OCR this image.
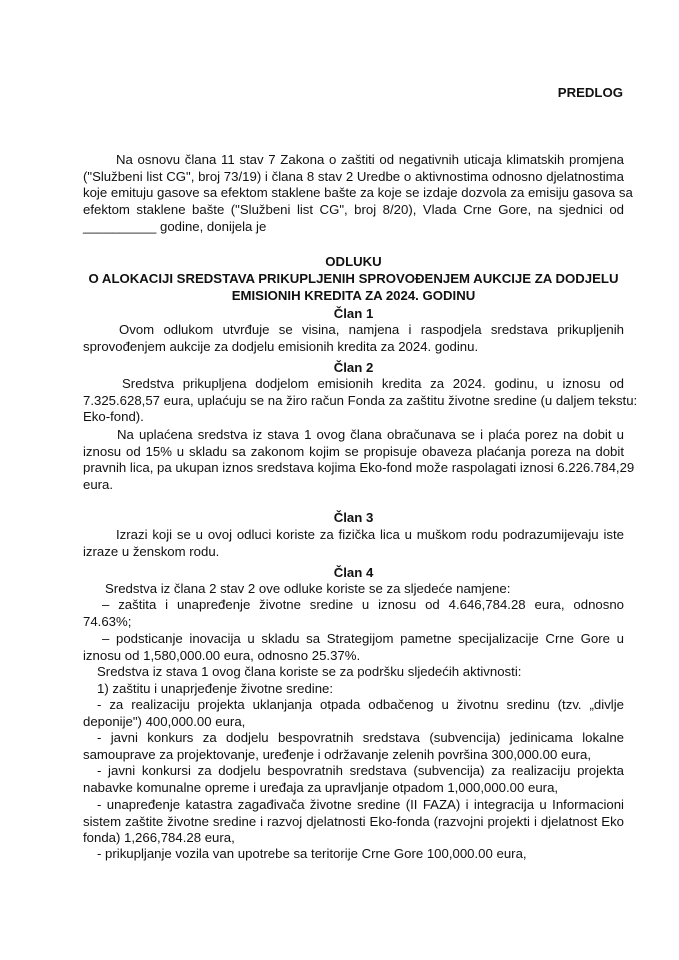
PREDLOG
Na osnovu člana 11 stav 7 Zakona o zaštiti od negativnih uticaja klimatskih promjena
("Službeni list CG", broj 73/19) i člana 8 stav 2 Uredbe o aktivnostima odnosno djelatnostima
koje emituju gasove sa efektom staklene bašte za koje se izdaje dozvola za emisiju gasova sa
efektom staklene bašte ("Službeni list CG", broj 8/20), Vlada Crne Gore, na sjednici od
__________ godine, donijela je
ODLUKU
O ALOKACIJI SREDSTAVA PRIKUPLJENIH SPROVOĐENJEM AUKCIJE ZA DODJELU
EMISIONIH KREDITA ZA 2024. GODINU
Član 1
Ovom odlukom utvrđuje se visina, namjena i raspodjela sredstava prikupljenih
sprovođenjem aukcije za dodjelu emisionih kredita za 2024. godinu.
Član 2
Sredstva prikupljena dodjelom emisionih kredita za 2024. godinu, u iznosu od
7.325.628,57 eura, uplaćuju se na žiro račun Fonda za zaštitu životne sredine (u daljem tekstu:
Eko-fond).
Na uplaćena sredstva iz stava 1 ovog člana obračunava se i plaća porez na dobit u
iznosu od 15% u skladu sa zakonom kojim se propisuje obaveza plaćanja poreza na dobit
pravnih lica, pa ukupan iznos sredstava kojima Eko-fond može raspolagati iznosi 6.226.784,29
eura.
Član 3
Izrazi koji se u ovoj odluci koriste za fizička lica u muškom rodu podrazumijevaju iste
izraze u ženskom rodu.
Član 4
Sredstva iz člana 2 stav 2 ove odluke koriste se za sljedeće namjene:
– zaštita i unapređenje životne sredine u iznosu od 4.646,784.28 eura, odnosno
74.63%;
– podsticanje inovacija u skladu sa Strategijom pametne specijalizacije Crne Gore u
iznosu od 1,580,000.00 eura, odnosno 25.37%.
Sredstva iz stava 1 ovog člana koriste se za podršku sljedećih aktivnosti:
1) zaštitu i unaprjeđenje životne sredine:
- za realizaciju projekta uklanjanja otpada odbačenog u životnu sredinu (tzv. „divlje
deponije") 400,000.00 eura,
- javni konkurs za dodjelu bespovratnih sredstava (subvencija) jedinicama lokalne
samouprave za projektovanje, uređenje i održavanje zelenih površina 300,000.00 eura,
- javni konkursi za dodjelu bespovratnih sredstava (subvencija) za realizaciju projekta
nabavke komunalne opreme i uređaja za upravljanje otpadom 1,000,000.00 eura,
- unapređenje katastra zagađivača životne sredine (II FAZA) i integracija u Informacioni
sistem zaštite životne sredine i razvoj djelatnosti Eko-fonda (razvojni projekti i djelatnost Eko
fonda) 1,266,784.28 eura,
- prikupljanje vozila van upotrebe sa teritorije Crne Gore 100,000.00 eura,
